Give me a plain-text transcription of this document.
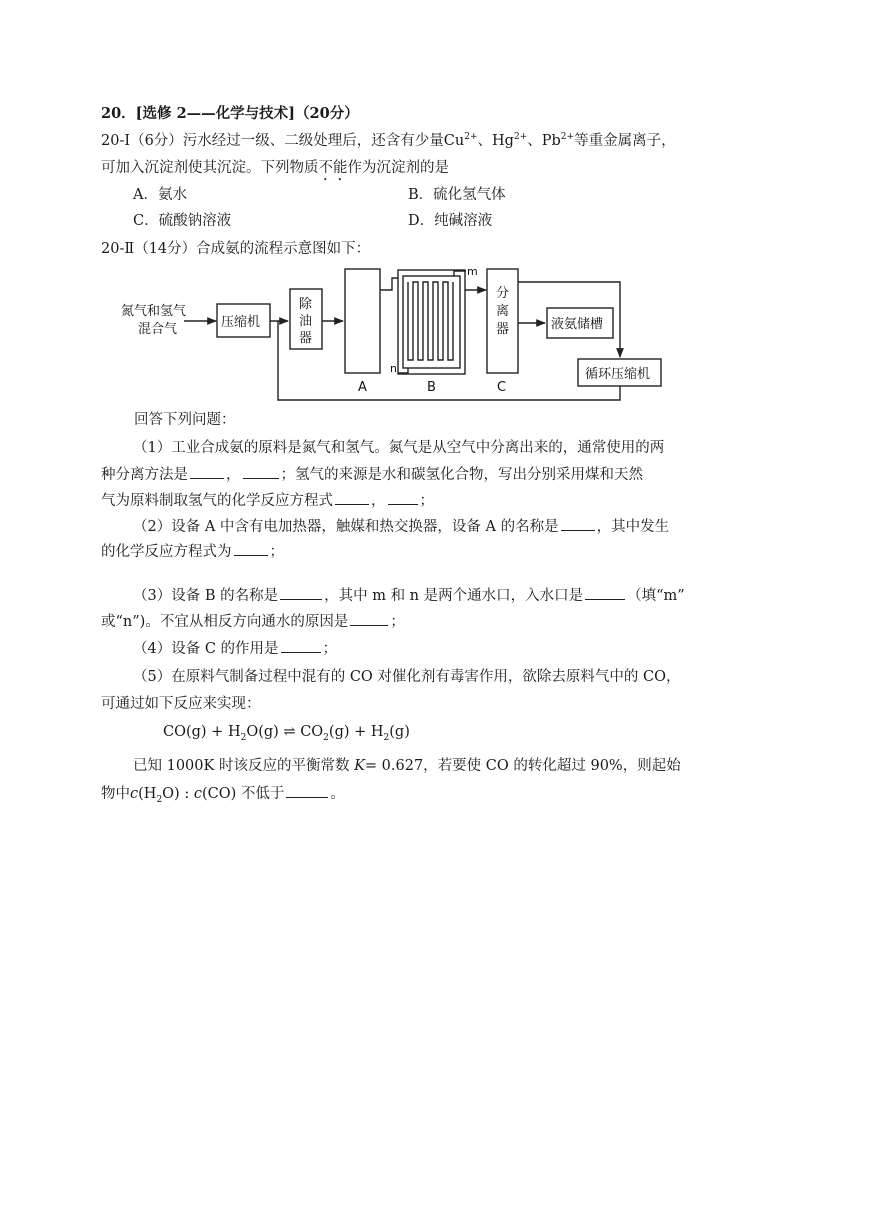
20．[选修 2——化学与技术]（20分）
20-Ⅰ（6分）污水经过一级、二级处理后，还含有少量$Cu^{2+}$、$Hg^{2+}$、$Pb^{2+}$等重金属离子，
可加入沉淀剂使其沉淀。下列物质不能作为沉淀剂的是
A．氨水	B．硫化氢气体
C．硫酸钠溶液	D．纯碱溶液
20-Ⅱ（14分）合成氨的流程示意图如下：
氮气和氢气
混合气	压缩机
除
油
器
A	B	C
m
n
分
离
器	液氨储槽
循环压缩机
回答下列问题：
（1）工业合成氨的原料是氮气和氢气。氮气是从空气中分离出来的，通常使用的两
种分离方法是	，	；氢气的来源是水和碳氢化合物，写出分别采用煤和天然
气为原料制取氢气的化学反应方程式	， ；
（2）设备 A 中含有电加热器，触媒和热交换器，设备 A 的名称是	，其中发生
的化学反应方程式为	；
（3）设备 B 的名称是	，其中 m 和 n 是两个通水口，入水口是	（填“m”
或“n”)。不宜从相反方向通水的原因是	；
（4）设备 C 的作用是	；
（5）在原料气制备过程中混有的 CO 对催化剂有毒害作用，欲除去原料气中的 CO，
可通过如下反应来实现：
$CO(g) + H_2O(g)$ ⇌ $CO_2(g) + H_2(g)$
已知 1000K 时该反应的平衡常数 K= 0.627，若要使 CO 的转化超过 90%，则起始
物中$c(H_2O)$ : c(CO) 不低于	。
